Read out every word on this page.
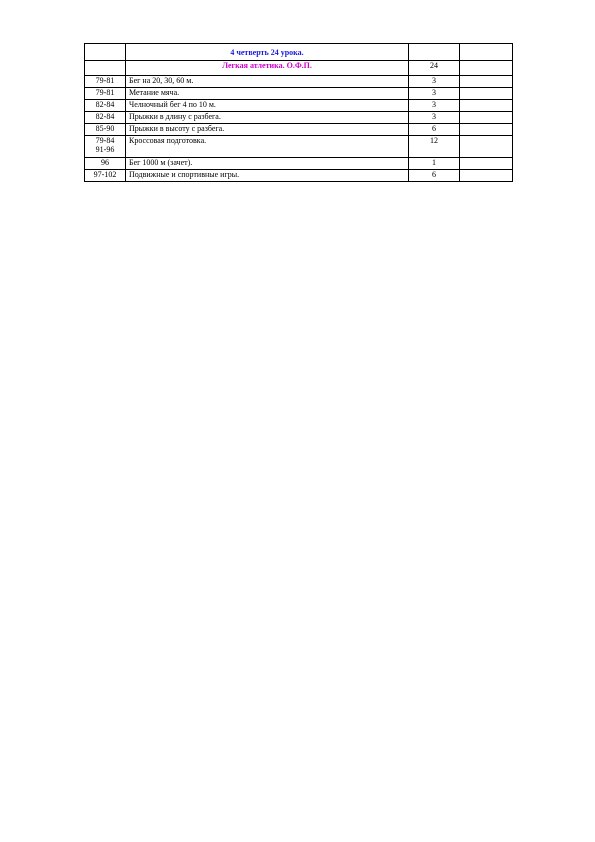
	4 четверть 24 урока.		
	Легкая атлетика. О.Ф.П.	24	
79-81	Бег на 20, 30, 60 м.	3	
79-81	Метание мяча.	3	
82-84	Челночный бег 4 по 10 м.	3	
82-84	Прыжки в длину с разбега.	3	
85-90	Прыжки в высоту с разбега.	6	

79-84
91-96	Кроссовая подготовка.	12	
96	Бег 1000 м (зачет).	1	
97-102	Подвижные и спортивные игры.	6	
